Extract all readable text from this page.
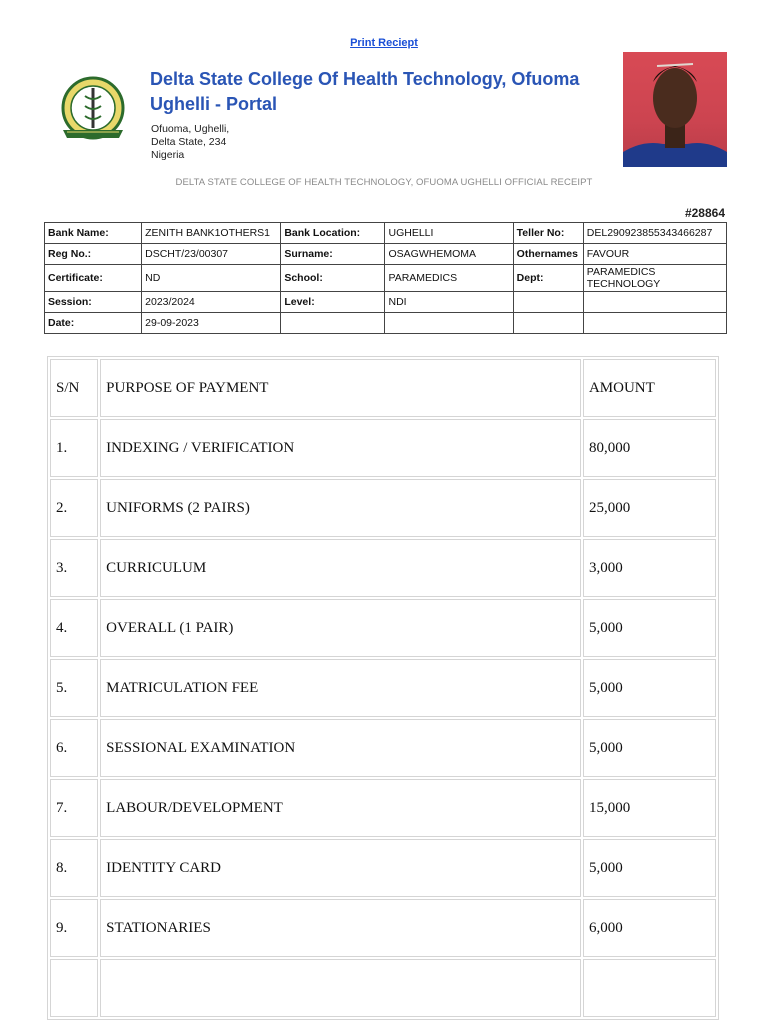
Print Reciept
Delta State College Of Health Technology, Ofuoma Ughelli - Portal
Ofuoma, Ughelli,
Delta State, 234
Nigeria
DELTA STATE COLLEGE OF HEALTH TECHNOLOGY, OFUOMA UGHELLI OFFICIAL RECEIPT
#28864
Bank Name:	ZENITH BANK1OTHERS1	Bank Location:	UGHELLI	Teller No:	DEL290923855343466287
Reg No.:	DSCHT/23/00307	Surname:	OSAGWHEMOMA	Othernames	FAVOUR
Certificate:	ND	School:	PARAMEDICS	Dept:	PARAMEDICS TECHNOLOGY
Session:	2023/2024	Level:	NDI		
Date:	29-09-2023				
S/N	PURPOSE OF PAYMENT	AMOUNT
1.	INDEXING / VERIFICATION	80,000
2.	UNIFORMS (2 PAIRS)	25,000
3.	CURRICULUM	3,000
4.	OVERALL (1 PAIR)	5,000
5.	MATRICULATION FEE	5,000
6.	SESSIONAL EXAMINATION	5,000
7.	LABOUR/DEVELOPMENT	15,000
8.	IDENTITY CARD	5,000
9.	STATIONARIES	6,000
